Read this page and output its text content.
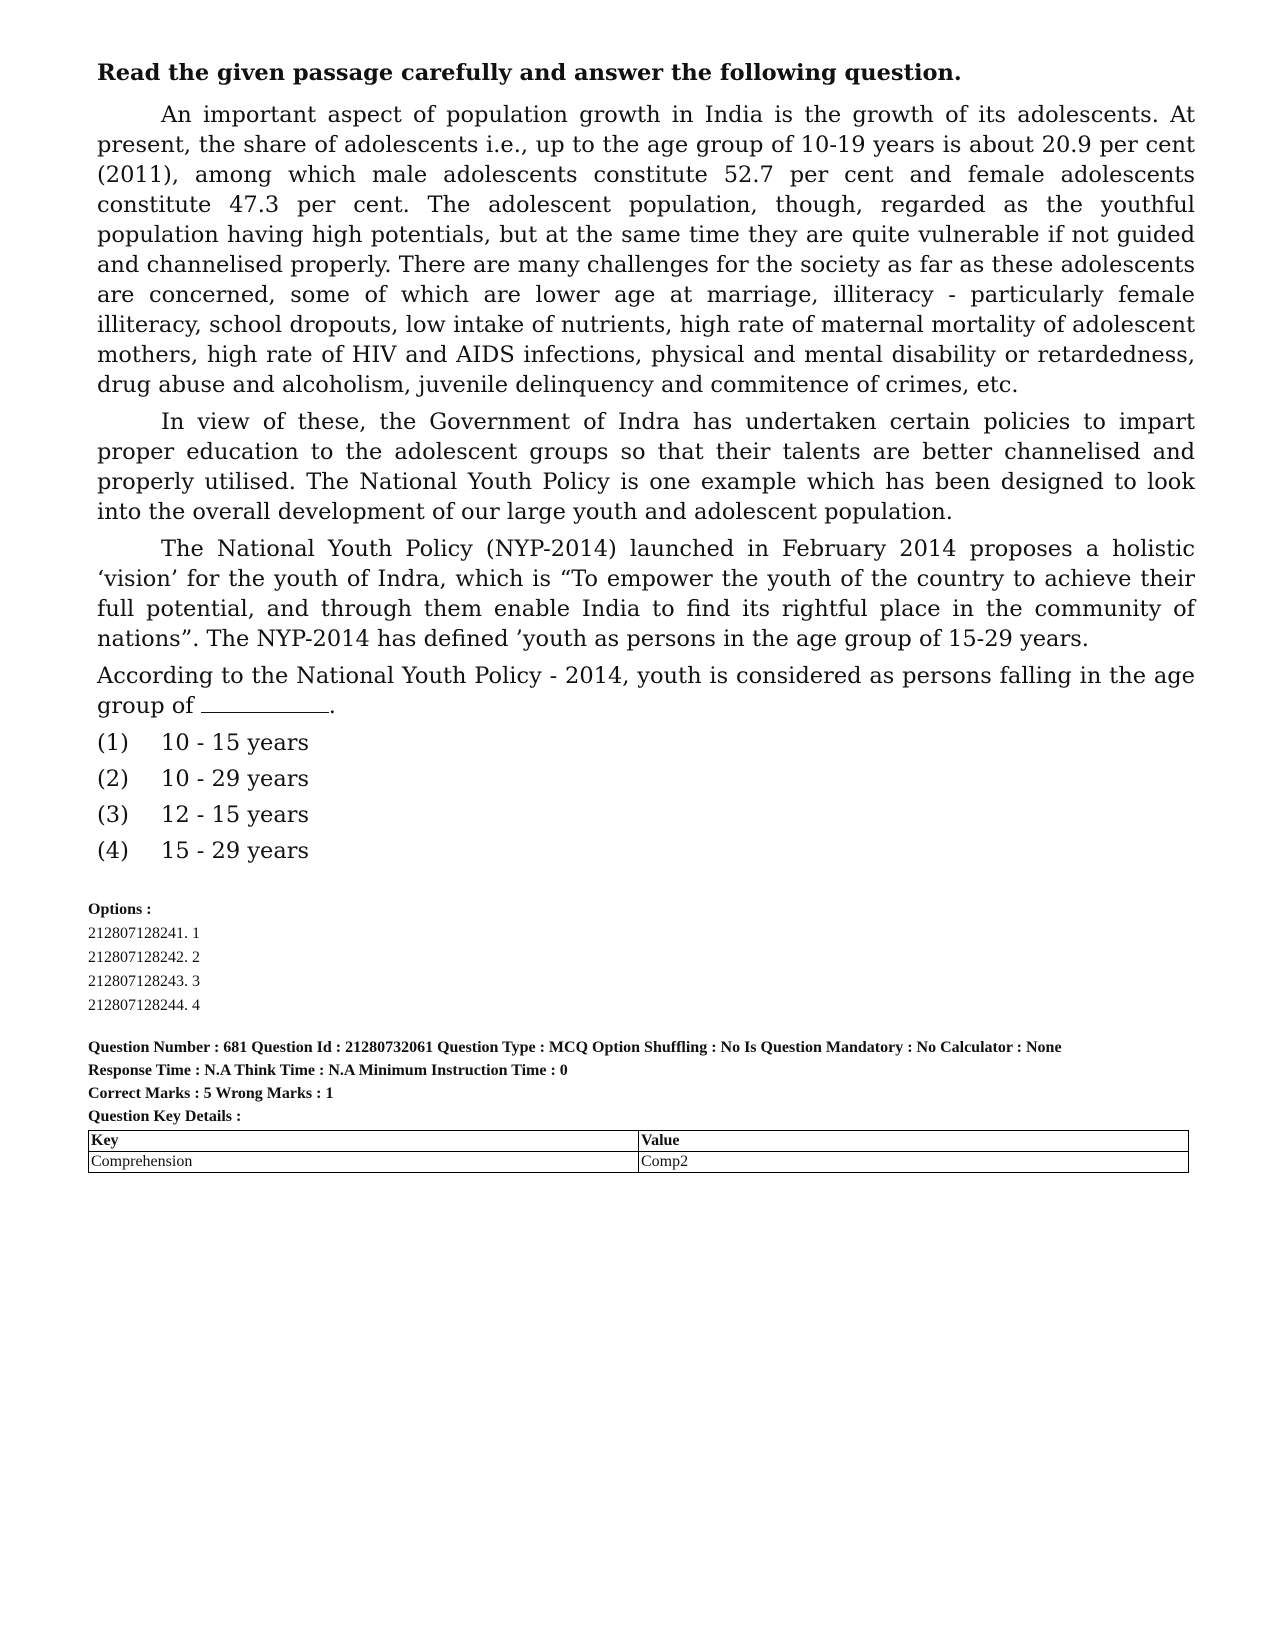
Read the given passage carefully and answer the following question.

An important aspect of population growth in India is the growth of its adolescents. At present, the share of adolescents i.e., up to the age group of 10-19 years is about 20.9 per cent (2011), among which male adolescents constitute 52.7 per cent and female adolescents constitute 47.3 per cent. The adolescent population, though, regarded as the youthful population having high potentials, but at the same time they are quite vulnerable if not guided and channelised properly. There are many challenges for the society as far as these adolescents are concerned, some of which are lower age at marriage, illiteracy - particularly female illiteracy, school dropouts, low intake of nutrients, high rate of maternal mortality of adolescent mothers, high rate of HIV and AIDS infections, physical and mental disability or retardedness, drug abuse and alcoholism, juvenile delinquency and commitence of crimes, etc.

In view of these, the Government of Indra has undertaken certain policies to impart proper education to the adolescent groups so that their talents are better channelised and properly utilised. The National Youth Policy is one example which has been designed to look into the overall development of our large youth and adolescent population.

The National Youth Policy (NYP-2014) launched in February 2014 proposes a holistic ‘vision’ for the youth of Indra, which is “To empower the youth of the country to achieve their full potential, and through them enable India to find its rightful place in the community of nations”. The NYP-2014 has defined ’youth as persons in the age group of 15-29 years.

According to the National Youth Policy - 2014, youth is considered as persons falling in the age group of	.

(1)	10 - 15 years
(2)	10 - 29 years
(3)	12 - 15 years
(4)	15 - 29 years
Options :
212807128241. 1
212807128242. 2
212807128243. 3
212807128244. 4
Question Number : 681 Question Id : 21280732061 Question Type : MCQ Option Shuffling : No Is Question Mandatory : No Calculator : None
Response Time : N.A Think Time : N.A Minimum Instruction Time : 0
Correct Marks : 5 Wrong Marks : 1
Question Key Details :
Key	Value
Comprehension	Comp2
